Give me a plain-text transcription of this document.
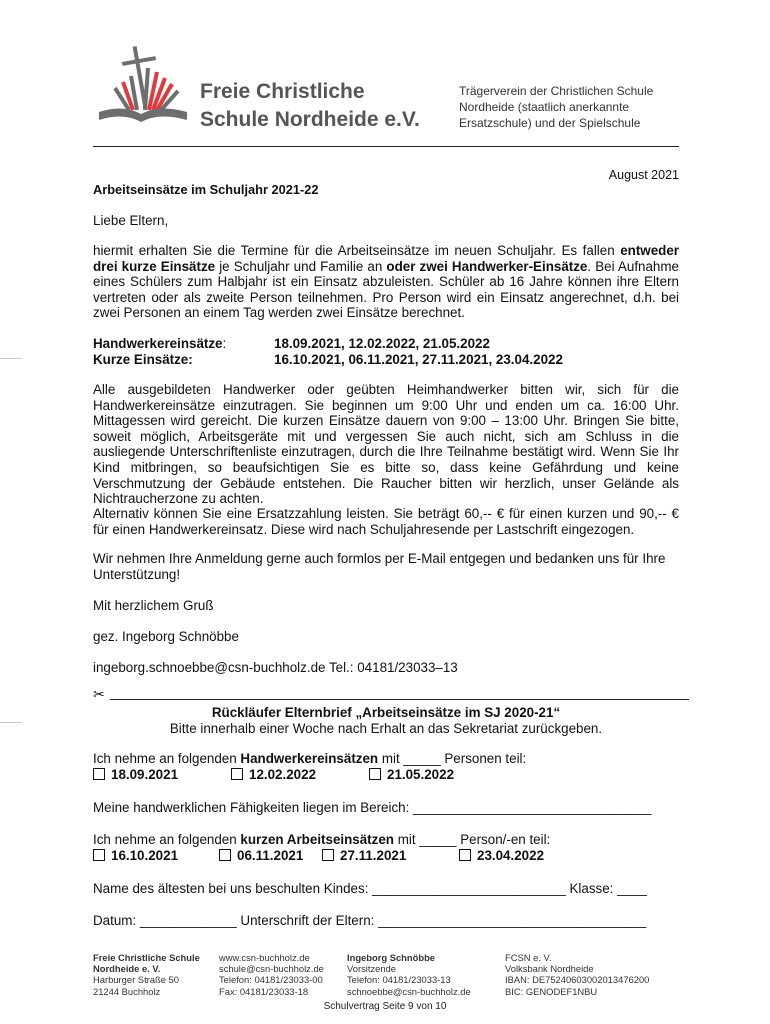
Freie Christliche
Schule Nordheide e.V.
Trägerverein der Christlichen Schule
Nordheide (staatlich anerkannte
Ersatzschule) und der Spielschule
August 2021
Arbeitseinsätze im Schuljahr 2021-22
Liebe Eltern,
hiermit erhalten Sie die Termine für die Arbeitseinsätze im neuen Schuljahr. Es fallen entweder drei kurze Einsätze je Schuljahr und Familie an oder zwei Handwerker-Einsätze. Bei Aufnahme eines Schülers zum Halbjahr ist ein Einsatz abzuleisten. Schüler ab 16 Jahre können ihre Eltern vertreten oder als zweite Person teilnehmen. Pro Person wird ein Einsatz angerechnet, d.h. bei zwei Personen an einem Tag werden zwei Einsätze berechnet.
Handwerkereinsätze:	18.09.2021, 12.02.2022, 21.05.2022
Kurze Einsätze:	16.10.2021, 06.11.2021, 27.11.2021, 23.04.2022
Alle ausgebildeten Handwerker oder geübten Heimhandwerker bitten wir, sich für die Handwerkereinsätze einzutragen. Sie beginnen um 9:00 Uhr und enden um ca. 16:00 Uhr. Mittagessen wird gereicht. Die kurzen Einsätze dauern von 9:00 – 13:00 Uhr. Bringen Sie bitte, soweit möglich, Arbeitsgeräte mit und vergessen Sie auch nicht, sich am Schluss in die ausliegende Unterschriftenliste einzutragen, durch die Ihre Teilnahme bestätigt wird. Wenn Sie Ihr Kind mitbringen, so beaufsichtigen Sie es bitte so, dass keine Gefährdung und keine Verschmutzung der Gebäude entstehen. Die Raucher bitten wir herzlich, unser Gelände als Nichtraucherzone zu achten.
Alternativ können Sie eine Ersatzzahlung leisten. Sie beträgt 60,-- € für einen kurzen und 90,-- € für einen Handwerkereinsatz. Diese wird nach Schuljahresende per Lastschrift eingezogen.
Wir nehmen Ihre Anmeldung gerne auch formlos per E-Mail entgegen und bedanken uns für Ihre Unterstützung!
Mit herzlichem Gruß
gez. Ingeborg Schnöbbe
ingeborg.schnoebbe@csn-buchholz.de Tel.: 04181/23033–13
✂
Rückläufer Elternbrief „Arbeitseinsätze im SJ 2020-21“
Bitte innerhalb einer Woche nach Erhalt an das Sekretariat zurückgeben.
Ich nehme an folgenden Handwerkereinsätzen mit _____ Personen teil:
18.09.2021	12.02.2022	21.05.2022
Meine handwerklichen Fähigkeiten liegen im Bereich: ________________________________
Ich nehme an folgenden kurzen Arbeitseinsätzen mit _____ Person/-en teil:
16.10.2021	06.11.2021	27.11.2021	23.04.2022
Name des ältesten bei uns beschulten Kindes: __________________________ Klasse: ____
Datum: _____________ Unterschrift der Eltern: ____________________________________
Freie Christliche Schule
Nordheide e. V.
Harburger Straße 50
21244 Buchholz
www.csn-buchholz.de
schule@csn-buchholz.de
Telefon: 04181/23033-00
Fax: 04181/23033-18
Ingeborg Schnöbbe
Vorsitzende
Telefon: 04181/23033-13
schnoebbe@csn-buchholz.de
FCSN e. V.
Volksbank Nordheide
IBAN: DE75240603002013476200
BIC: GENODEF1NBU
Schulvertrag Seite 9 von 10
